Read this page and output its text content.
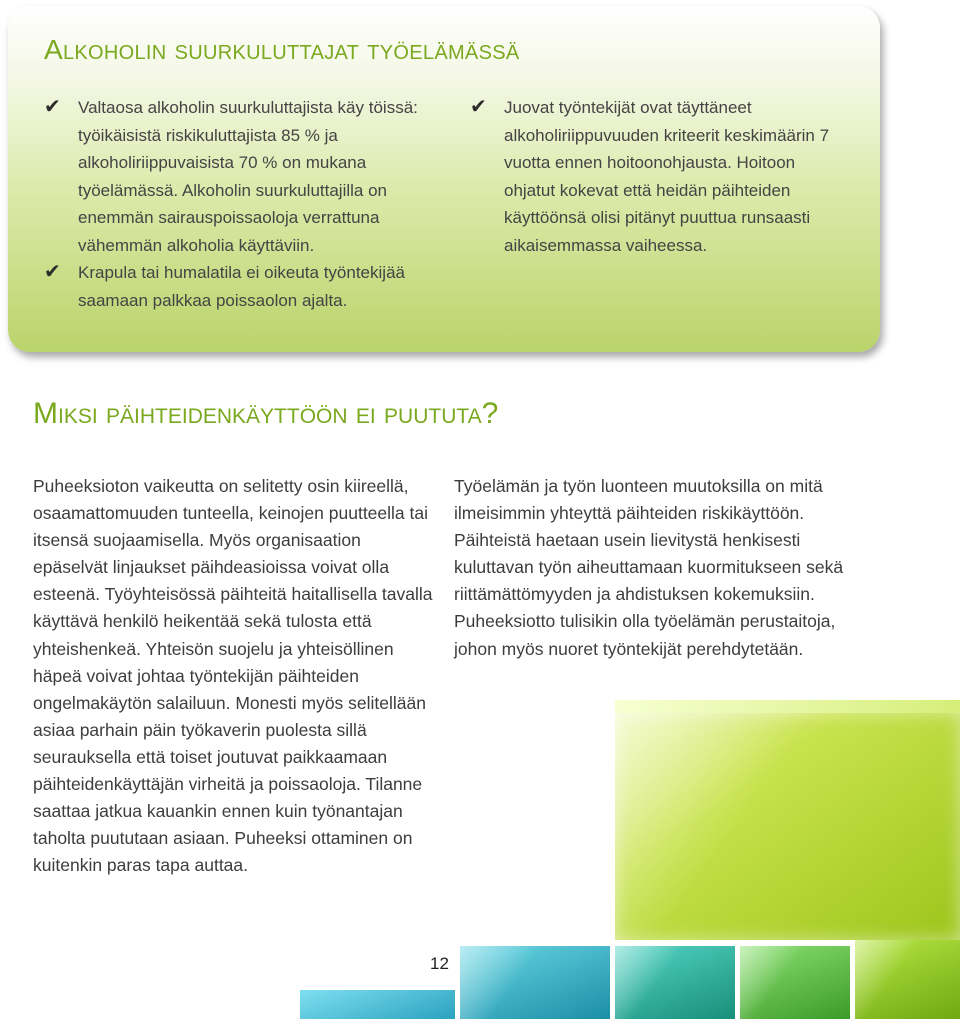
Alkoholin suurkuluttajat työelämässä
✔ Valtaosa alkoholin suurkuluttajista käy töissä: työikäisistä riskikuluttajista 85 % ja alkoholiriippuvaisista 70 % on mukana työelämässä. Alkoholin suurkuluttajilla on enemmän sairauspoissaoloja verrattuna vähemmän alkoholia käyttäviin.
✔ Krapula tai humalatila ei oikeuta työntekijää saamaan palkkaa poissaolon ajalta.
✔ Juovat työntekijät ovat täyttäneet alkoholiriippuvuuden kriteerit keskimäärin 7 vuotta ennen hoitoonohjausta. Hoitoon ohjatut kokevat että heidän päihteiden käyttöönsä olisi pitänyt puuttua runsaasti aikaisemmassa vaiheessa.
Miksi päihteidenkäyttöön ei puututa?

Puheeksioton vaikeutta on selitetty osin kiireellä, osaamattomuuden tunteella, keinojen puutteella tai itsensä suojaamisella. Myös organisaation epäselvät linjaukset päihdeasioissa voivat olla esteenä. Työyhteisössä päihteitä haitallisella tavalla käyttävä henkilö heikentää sekä tulosta että yhteishenkeä. Yhteisön suojelu ja yhteisöllinen häpeä voivat johtaa työntekijän päihteiden ongelmakäytön salailuun. Monesti myös selitellään asiaa parhain päin työkaverin puolesta sillä seurauksella että toiset joutuvat paikkaamaan päihteidenkäyttäjän virheitä ja poissaoloja. Tilanne saattaa jatkua kauankin ennen kuin työnantajan taholta puututaan asiaan. Puheeksi ottaminen on kuitenkin paras tapa auttaa.

Työelämän ja työn luonteen muutoksilla on mitä ilmeisimmin yhteyttä päihteiden riskikäyttöön. Päihteistä haetaan usein lievitystä henkisesti kuluttavan työn aiheuttamaan kuormitukseen sekä riittämättömyyden ja ahdistuksen kokemuksiin. Puheeksiotto tulisikin olla työelämän perustaitoja, johon myös nuoret työntekijät perehdytetään.

12
